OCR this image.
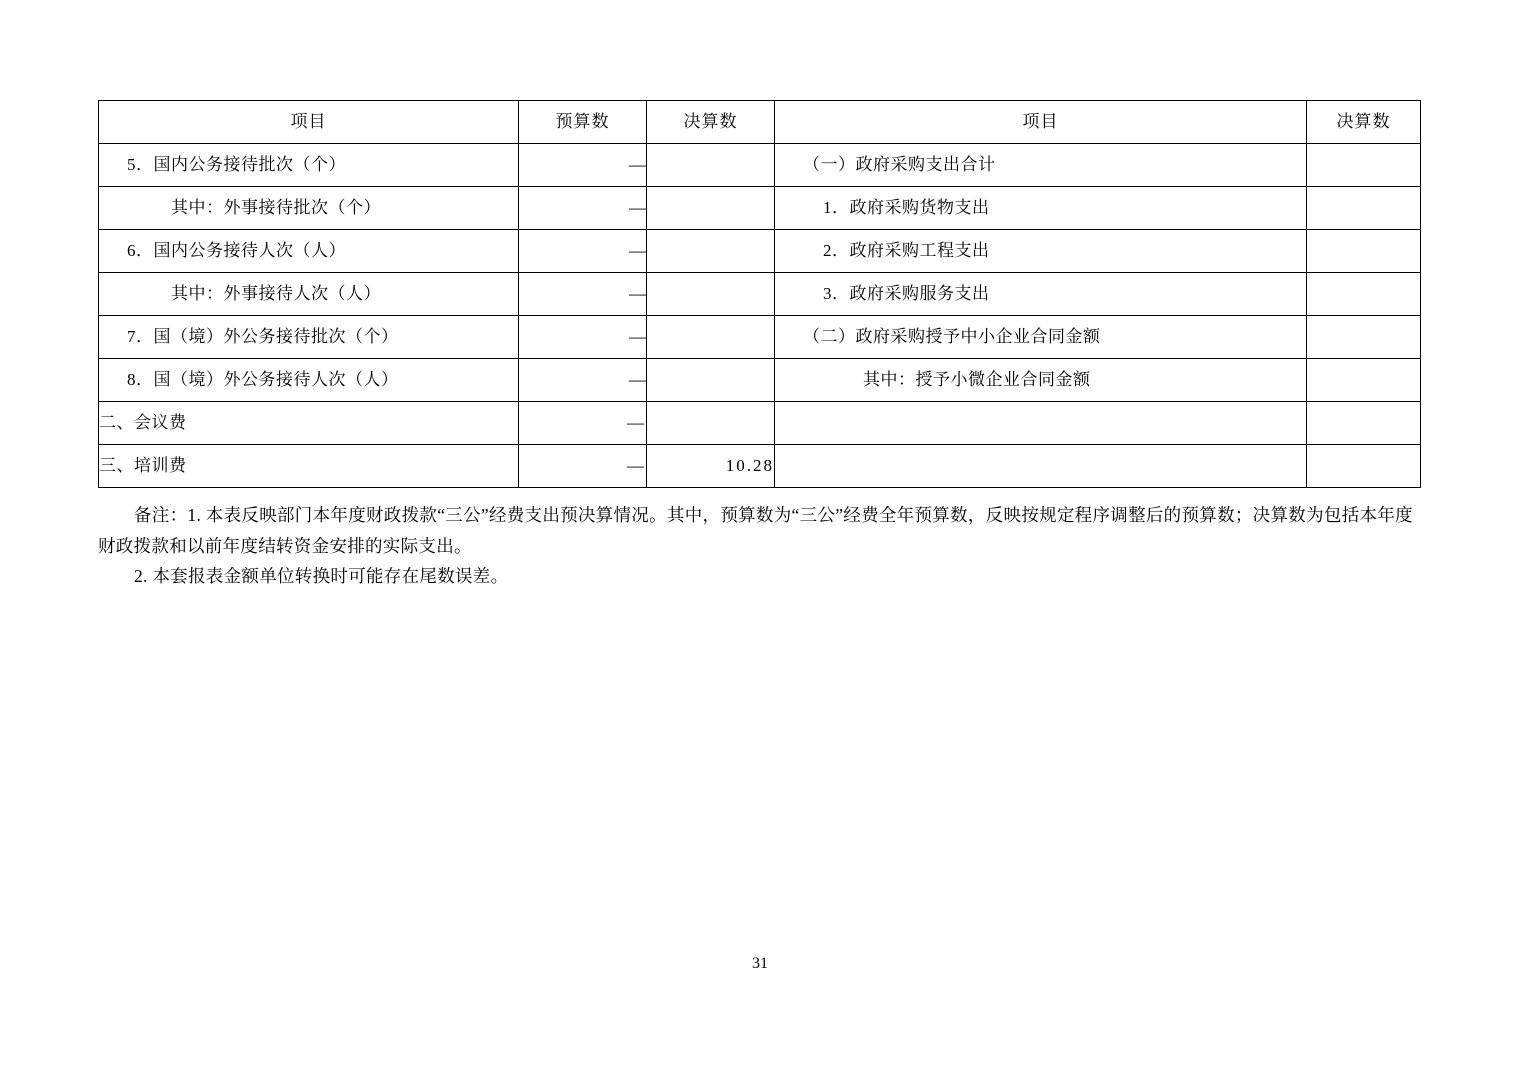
项目	预算数	决算数	项目	决算数
5．国内公务接待批次（个）	—		（一）政府采购支出合计	
其中：外事接待批次（个）	—		1．政府采购货物支出	
6．国内公务接待人次（人）	—		2．政府采购工程支出	
其中：外事接待人次（人）	—		3．政府采购服务支出	
7．国（境）外公务接待批次（个）	—		（二）政府采购授予中小企业合同金额	
8．国（境）外公务接待人次（人）	—		其中：授予小微企业合同金额	
二、会议费	—			
三、培训费	—	10.28		

备注：1. 本表反映部门本年度财政拨款“三公”经费支出预决算情况。其中，预算数为“三公”经费全年预算数，反映按规定程序调整后的预算数；决算数为包括本年度财政拨款和以前年度结转资金安排的实际支出。

2. 本套报表金额单位转换时可能存在尾数误差。

31
